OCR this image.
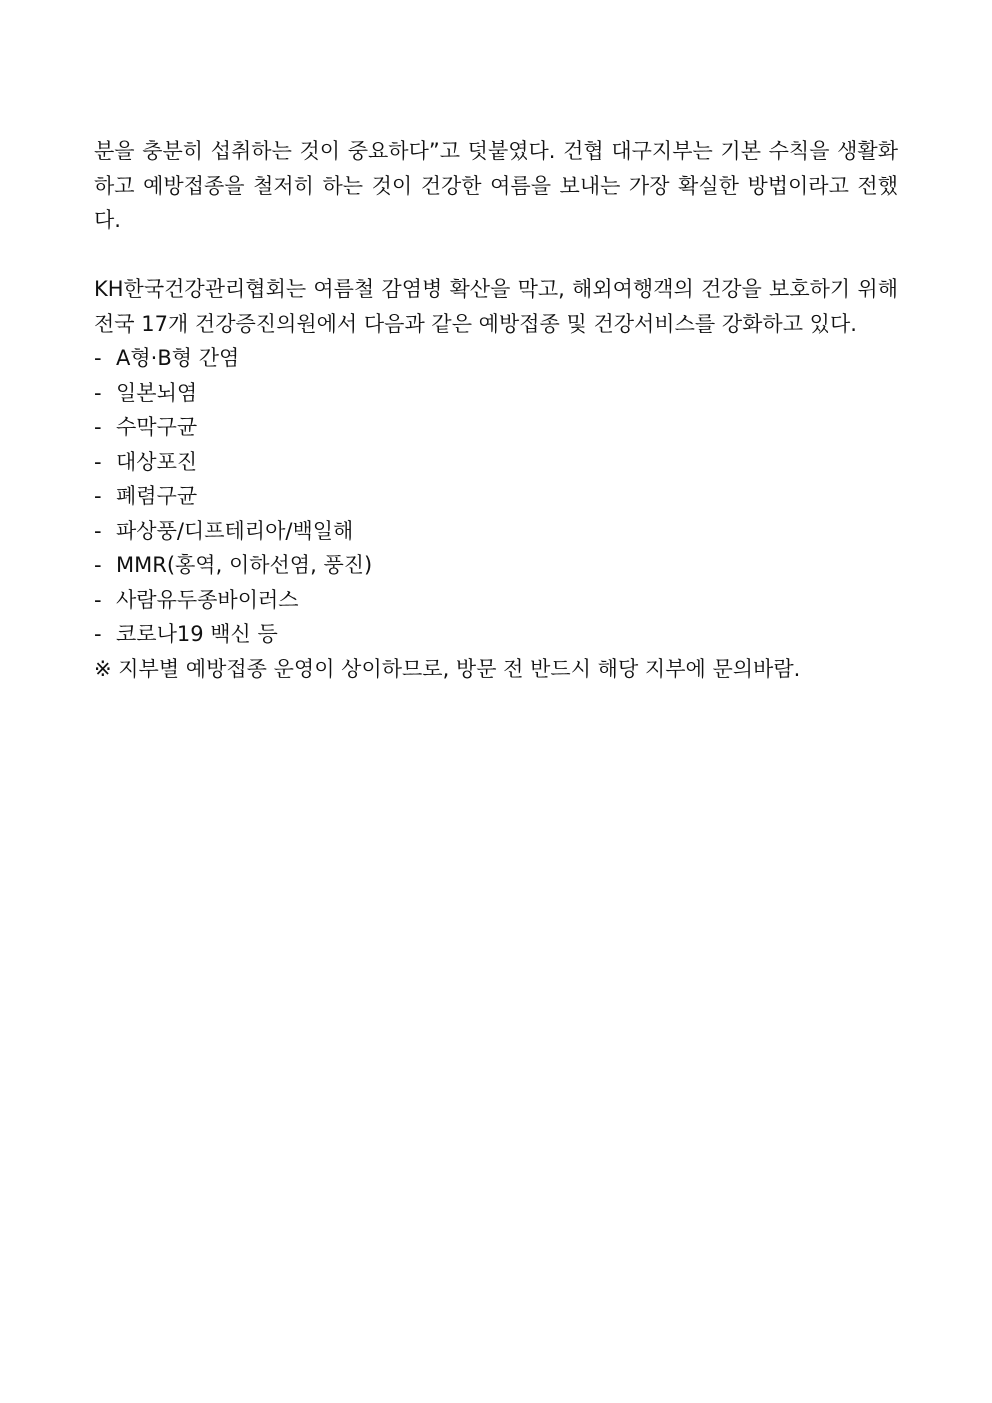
분을 충분히 섭취하는 것이 중요하다”고 덧붙였다. 건협 대구지부는 기본 수칙을 생활화하고 예방접종을 철저히 하는 것이 건강한 여름을 보내는 가장 확실한 방법이라고 전했다.

KH한국건강관리협회는 여름철 감염병 확산을 막고, 해외여행객의 건강을 보호하기 위해 전국 17개 건강증진의원에서 다음과 같은 예방접종 및 건강서비스를 강화하고 있다.

- A형·B형 간염
- 일본뇌염
- 수막구균
- 대상포진
- 폐렴구균
- 파상풍/디프테리아/백일해
- MMR(홍역, 이하선염, 풍진)
- 사람유두종바이러스
- 코로나19 백신 등

※ 지부별 예방접종 운영이 상이하므로, 방문 전 반드시 해당 지부에 문의바람.
